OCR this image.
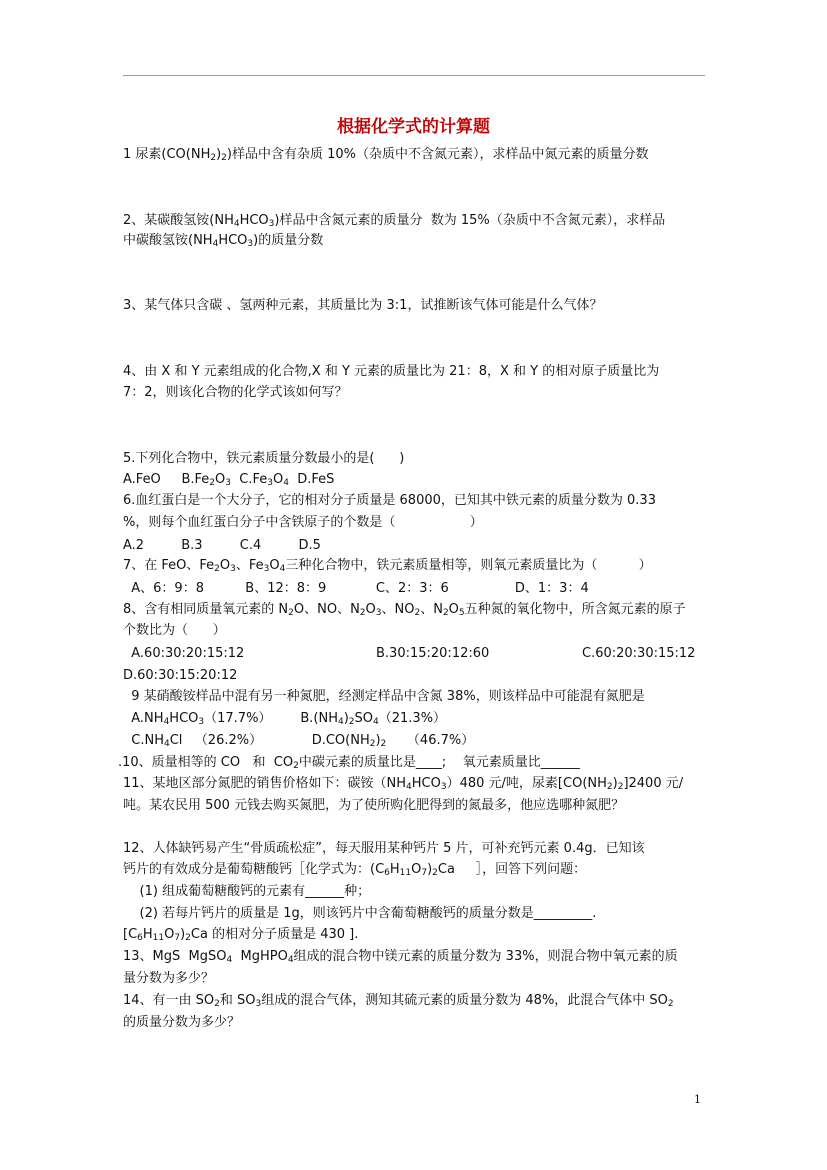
根据化学式的计算题
1 尿素$(CO(NH_2)_2)$样品中含有杂质 10%（杂质中不含氮元素），求样品中氮元素的质量分数
2、某碳酸氢铵$(NH_4HCO_3)$样品中含氮元素的质量分  数为 15%（杂质中不含氮元素），求样品
中碳酸氢铵$(NH_4HCO_3)$的质量分数
3、某气体只含碳 、氢两种元素，其质量比为 3:1，试推断该气体可能是什么气体？
4、由 X 和 Y 元素组成的化合物,X 和 Y 元素的质量比为 21：8，X 和 Y 的相对原子质量比为
7：2，则该化合物的化学式该如何写？
5.下列化合物中，铁元素质量分数最小的是(      )
A.FeO     $B.Fe_2O_3$  $C.Fe_3O_4$  D.FeS
6.血红蛋白是一个大分子，它的相对分子质量是 68000，已知其中铁元素的质量分数为 0.33
%，则每个血红蛋白分子中含铁原子的个数是（                  ）
A.2         B.3         C.4         D.5
7、在 FeO、$Fe_2O_3$、$Fe_3O_4$三种化合物中，铁元素质量相等，则氧元素质量比为（          ）
A、6：9：8          B、12：8：9            C、2：3：6                D、1：3：4
8、含有相同质量氧元素的 $N_2O$、NO、$N_2O_3$、$NO_2$、$N_2O_5$五种氮的氧化物中，所含氮元素的原子
个数比为（      ）
A.60:30:20:15:12	B.30:15:20:12:60	C.60:20:30:15:12
D.60:30:15:20:12
9 某硝酸铵样品中混有另一种氮肥，经测定样品中含氮 38%，则该样品中可能混有氮肥是
$A.NH_4HCO_3(17.7\%)$       $B.(NH_4)_2SO_4(21.3\%)$
$C.NH_4Cl$   （26.2%）            $D.CO(NH_2)_2$     （46.7%）
.10、质量相等的 CO   和  $CO_2$中碳元素的质量比是____;    氧元素质量比______
11、某地区部分氮肥的销售价格如下：碳铵$(NH_4HCO_3)480$ 元/吨，尿素$[CO(NH_2)_2]2400$ 元/
吨。某农民用 500 元钱去购买氮肥，为了使所购化肥得到的氮最多，他应选哪种氮肥？
12、人体缺钙易产生“骨质疏松症”，每天服用某种钙片 5 片，可补充钙元素 0.4g．已知该
钙片的有效成分是葡萄糖酸钙［化学式为：$(C_6H_{11}O_7)_2Ca$     ］，回答下列问题：
(1) 组成葡萄糖酸钙的元素有______种；
(2) 若每片钙片的质量是 1g，则该钙片中含葡萄糖酸钙的质量分数是_________.
$[C_6H_{11}O_7)_2Ca$ 的相对分子质量是 430 ].
13、MgS  MgSO$_4$  MgHPO$_4$组成的混合物中镁元素的质量分数为 33%，则混合物中氧元素的质
量分数为多少？
14、有一由 $SO_2$和 $SO_3$组成的混合气体，测知其硫元素的质量分数为 48%，此混合气体中 $SO_2$
的质量分数为多少？
1
